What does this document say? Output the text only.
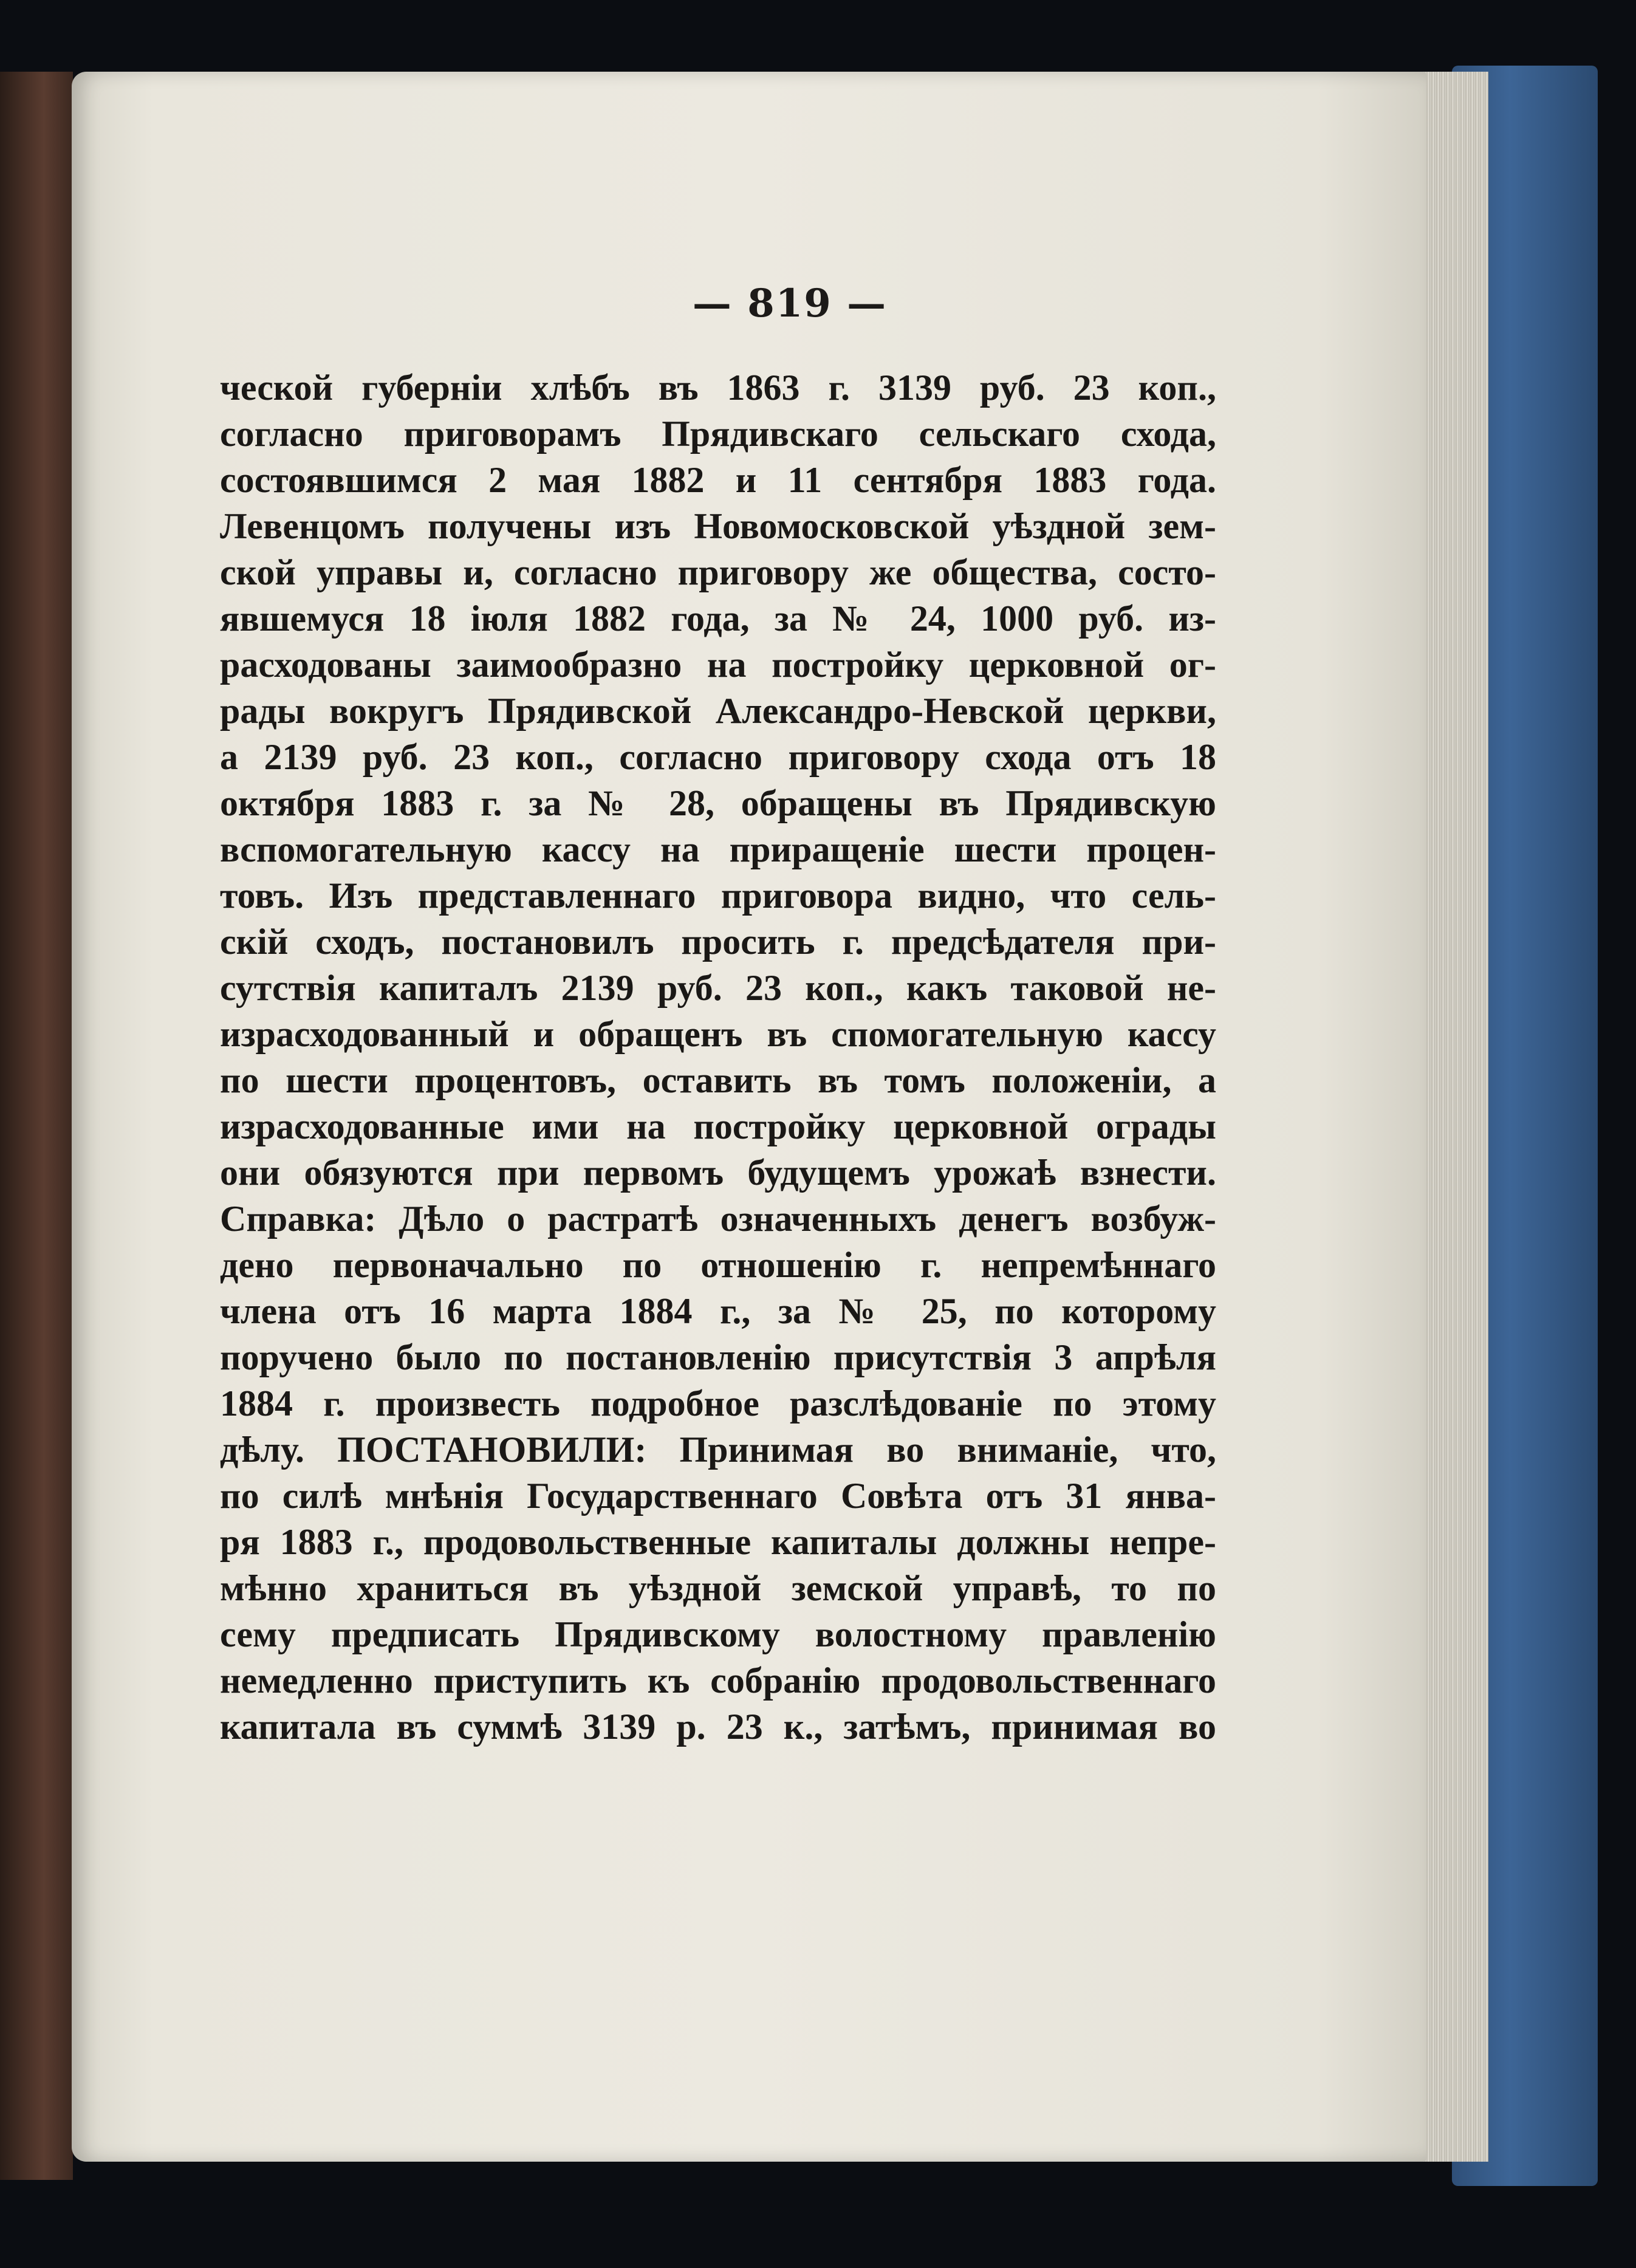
— 819 —
ческой губерніи хлѣбъ въ 1863 г. 3139 руб. 23 коп.,
согласно приговорамъ Прядивскаго сельскаго схода,
состоявшимся 2 мая 1882 и 11 сентября 1883 года.
Левенцомъ получены изъ Новомосковской уѣздной зем-
ской управы и, согласно приговору же общества, состо-
явшемуся 18 іюля 1882 года, за № 24, 1000 руб. из-
расходованы заимообразно на постройку церковной ог-
рады вокругъ Прядивской Александро-Невской церкви,
а 2139 руб. 23 коп., согласно приговору схода отъ 18
октября 1883 г. за № 28, обращены въ Прядивскую
вспомогательную кассу на приращеніе шести процен-
товъ. Изъ представленнаго приговора видно, что сель-
скій сходъ, постановилъ просить г. предсѣдателя при-
сутствія капиталъ 2139 руб. 23 коп., какъ таковой не-
израсходованный и обращенъ въ спомогательную кассу
по шести процентовъ, оставить въ томъ положеніи, а
израсходованные ими на постройку церковной ограды
они обязуются при первомъ будущемъ урожаѣ взнести.
Справка: Дѣло о растратѣ означенныхъ денегъ возбуж-
дено первоначально по отношенію г. непремѣннаго
члена отъ 16 марта 1884 г., за № 25, по которому
поручено было по постановленію присутствія 3 апрѣля
1884 г. произвесть подробное разслѣдованіе по этому
дѣлу. ПОСТАНОВИЛИ: Принимая во вниманіе, что,
по силѣ мнѣнія Государственнаго Совѣта отъ 31 янва-
ря 1883 г., продовольственные капиталы должны непре-
мѣнно храниться въ уѣздной земской управѣ, то по
сему предписать Прядивскому волостному правленію
немедленно приступить къ собранію продовольственнаго
капитала въ суммѣ 3139 р. 23 к., затѣмъ, принимая во
